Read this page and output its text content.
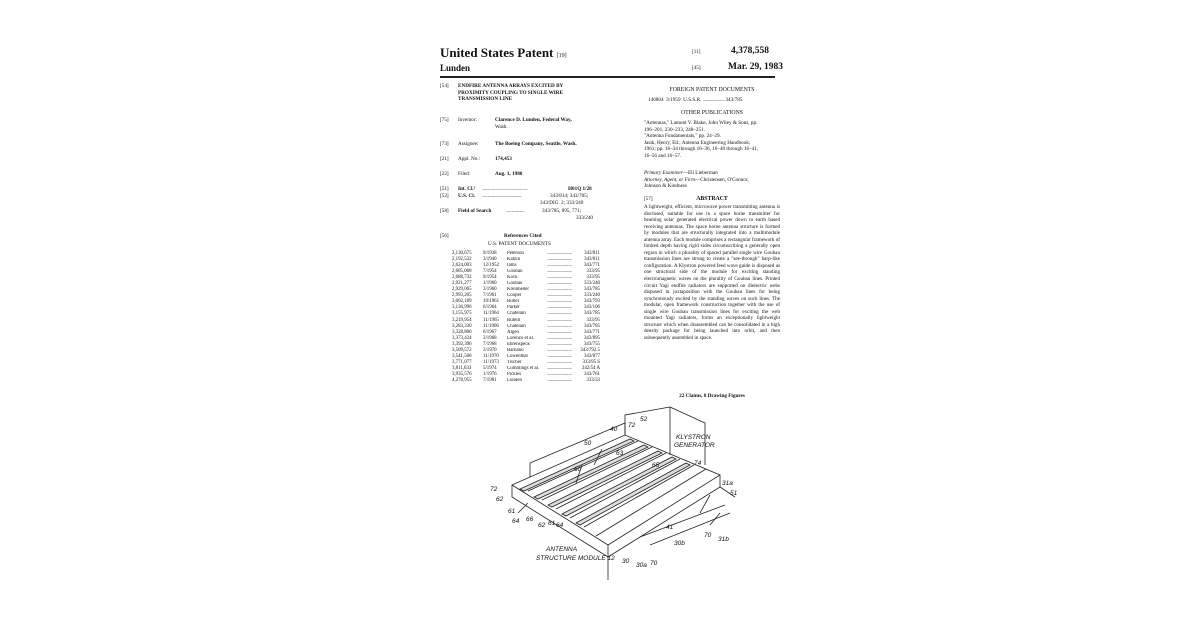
United States Patent [19]
Lunden
[11]	4,378,558
[45]	Mar. 29, 1983
[54] ENDFIRE ANTENNA ARRAYS EXCITED BY
PROXIMITY COUPLING TO SINGLE WIRE
TRANSMISSION LINE
[75] Inventor:	Clarence D. Lunden, Federal Way,
Wash.
[73] Assignee:	The Boeing Company, Seattle, Wash.
[21] Appl. No.:	174,453
[22] Filed:	Aug. 1, 1980
[51] Int. Cl.³ .........................................................	H01Q 1/28
[52] U.S. Cl. .................................................	343/814; 343/785;
343/DIG. 2; 333/240
[58] Field of Search	.......................	343/785, 895, 771;
333/240
[56]	References Cited
U.S. PATENT DOCUMENTS
2,130,675	9/1938	Peterson	..................................	343/811
2,192,532	3/1940	Katzin	..................................	343/811
2,624,003	12/1952	Iams	..................................	343/771
2,685,068	7/1954	Goubau	..................................	333/95
2,688,732	9/1954	Kock	..................................	333/95
2,921,277	1/1960	Goubau	..................................	333/240
2,929,065	3/1960	Kreinheder	..................................	343/785
2,993,205	7/1961	Cooper	..................................	333/240
3,002,189	10/1961	Butler	..................................	343/793
3,136,996	6/1964	Parker	..................................	343/106
3,155,975	11/1964	Chatelain	..................................	343/785
3,219,954	11/1965	Rutelli	..................................	333/95
3,283,330	11/1966	Chatelain	..................................	343/785
3,328,800	6/1967	Algeo	..................................	343/771
3,373,434	3/1968	Lorenzo et al.	..................................	343/895
3,392,396	7/1968	Ehrenspeck	..................................	343/755
3,509,572	3/1970	Barbano	..................................	343/792.5
3,541,568	11/1970	Lowenthar	..................................	343/877
3,771,077	11/1973	Tischer	..................................	333/95 S
3,811,633	5/1974	Cummings et al.	..................................	242/54 A
3,935,576	1/1976	Pickles	..................................	343/761
4,278,955	7/1981	Lunden	..................................	333/33
FOREIGN PATENT DOCUMENTS
146804 3/1959 U.S.S.R. ........................... 343/785
OTHER PUBLICATIONS
"Antennas," Lamont V. Blake, John Wiley & Sons, pp.
196–201, 230–233, 248–251.
"Antenna Fundamentals," pp. 24–29.
Jasik, Henry, Ed.; Antenna Engineering Handbook;
1961; pp. 16–34 through 16–36, 16–40 through 16–41,
16–56 and 16–57.
Primary Examiner—Eli Lieberman
Attorney, Agent, or Firm—Christensen, O'Connor,
Johnson & Kindness
[57]	ABSTRACT
A lightweight, efficient, microwave power transmitting antenna is disclosed, suitable for use in a space borne transmitter for beaming solar generated electrical power down to earth based receiving antennas. The space borne antenna structure is formed by modules that are structurally integrated into a multimodule antenna array. Each module comprises a rectangular framework of limited depth having rigid sides circumscribing a generally open region in which a plurality of spaced parallel single wire Goubau transmission lines are strung to create a "see-through" harp-like configuration. A Klystron powered feed wave guide is disposed as one structural side of the module for exciting standing electromagnetic waves on the plurality of Goubau lines. Printed circuit Yagi endfire radiators are supported on dielectric webs disposed in juxtaposition with the Goubau lines for being synchronously excited by the standing waves on such lines. The modular, open framework construction together with the use of single wire Goubau transmission lines for exciting the web mounted Yagi radiators, forms an exceptionally lightweight structure which when disassembled can be consolidated in a high density package for being launched into orbit, and then subsequently assembled in space.
22 Claims, 8 Drawing Figures
52
KLYSTRON
GENERATOR
40
72
50
60
63
65	74
31a
51
72
62
61
64 66
62 61 64	41
70
31b
30b
30
30a 70
ANTENNA
STRUCTURE MODULE 12
